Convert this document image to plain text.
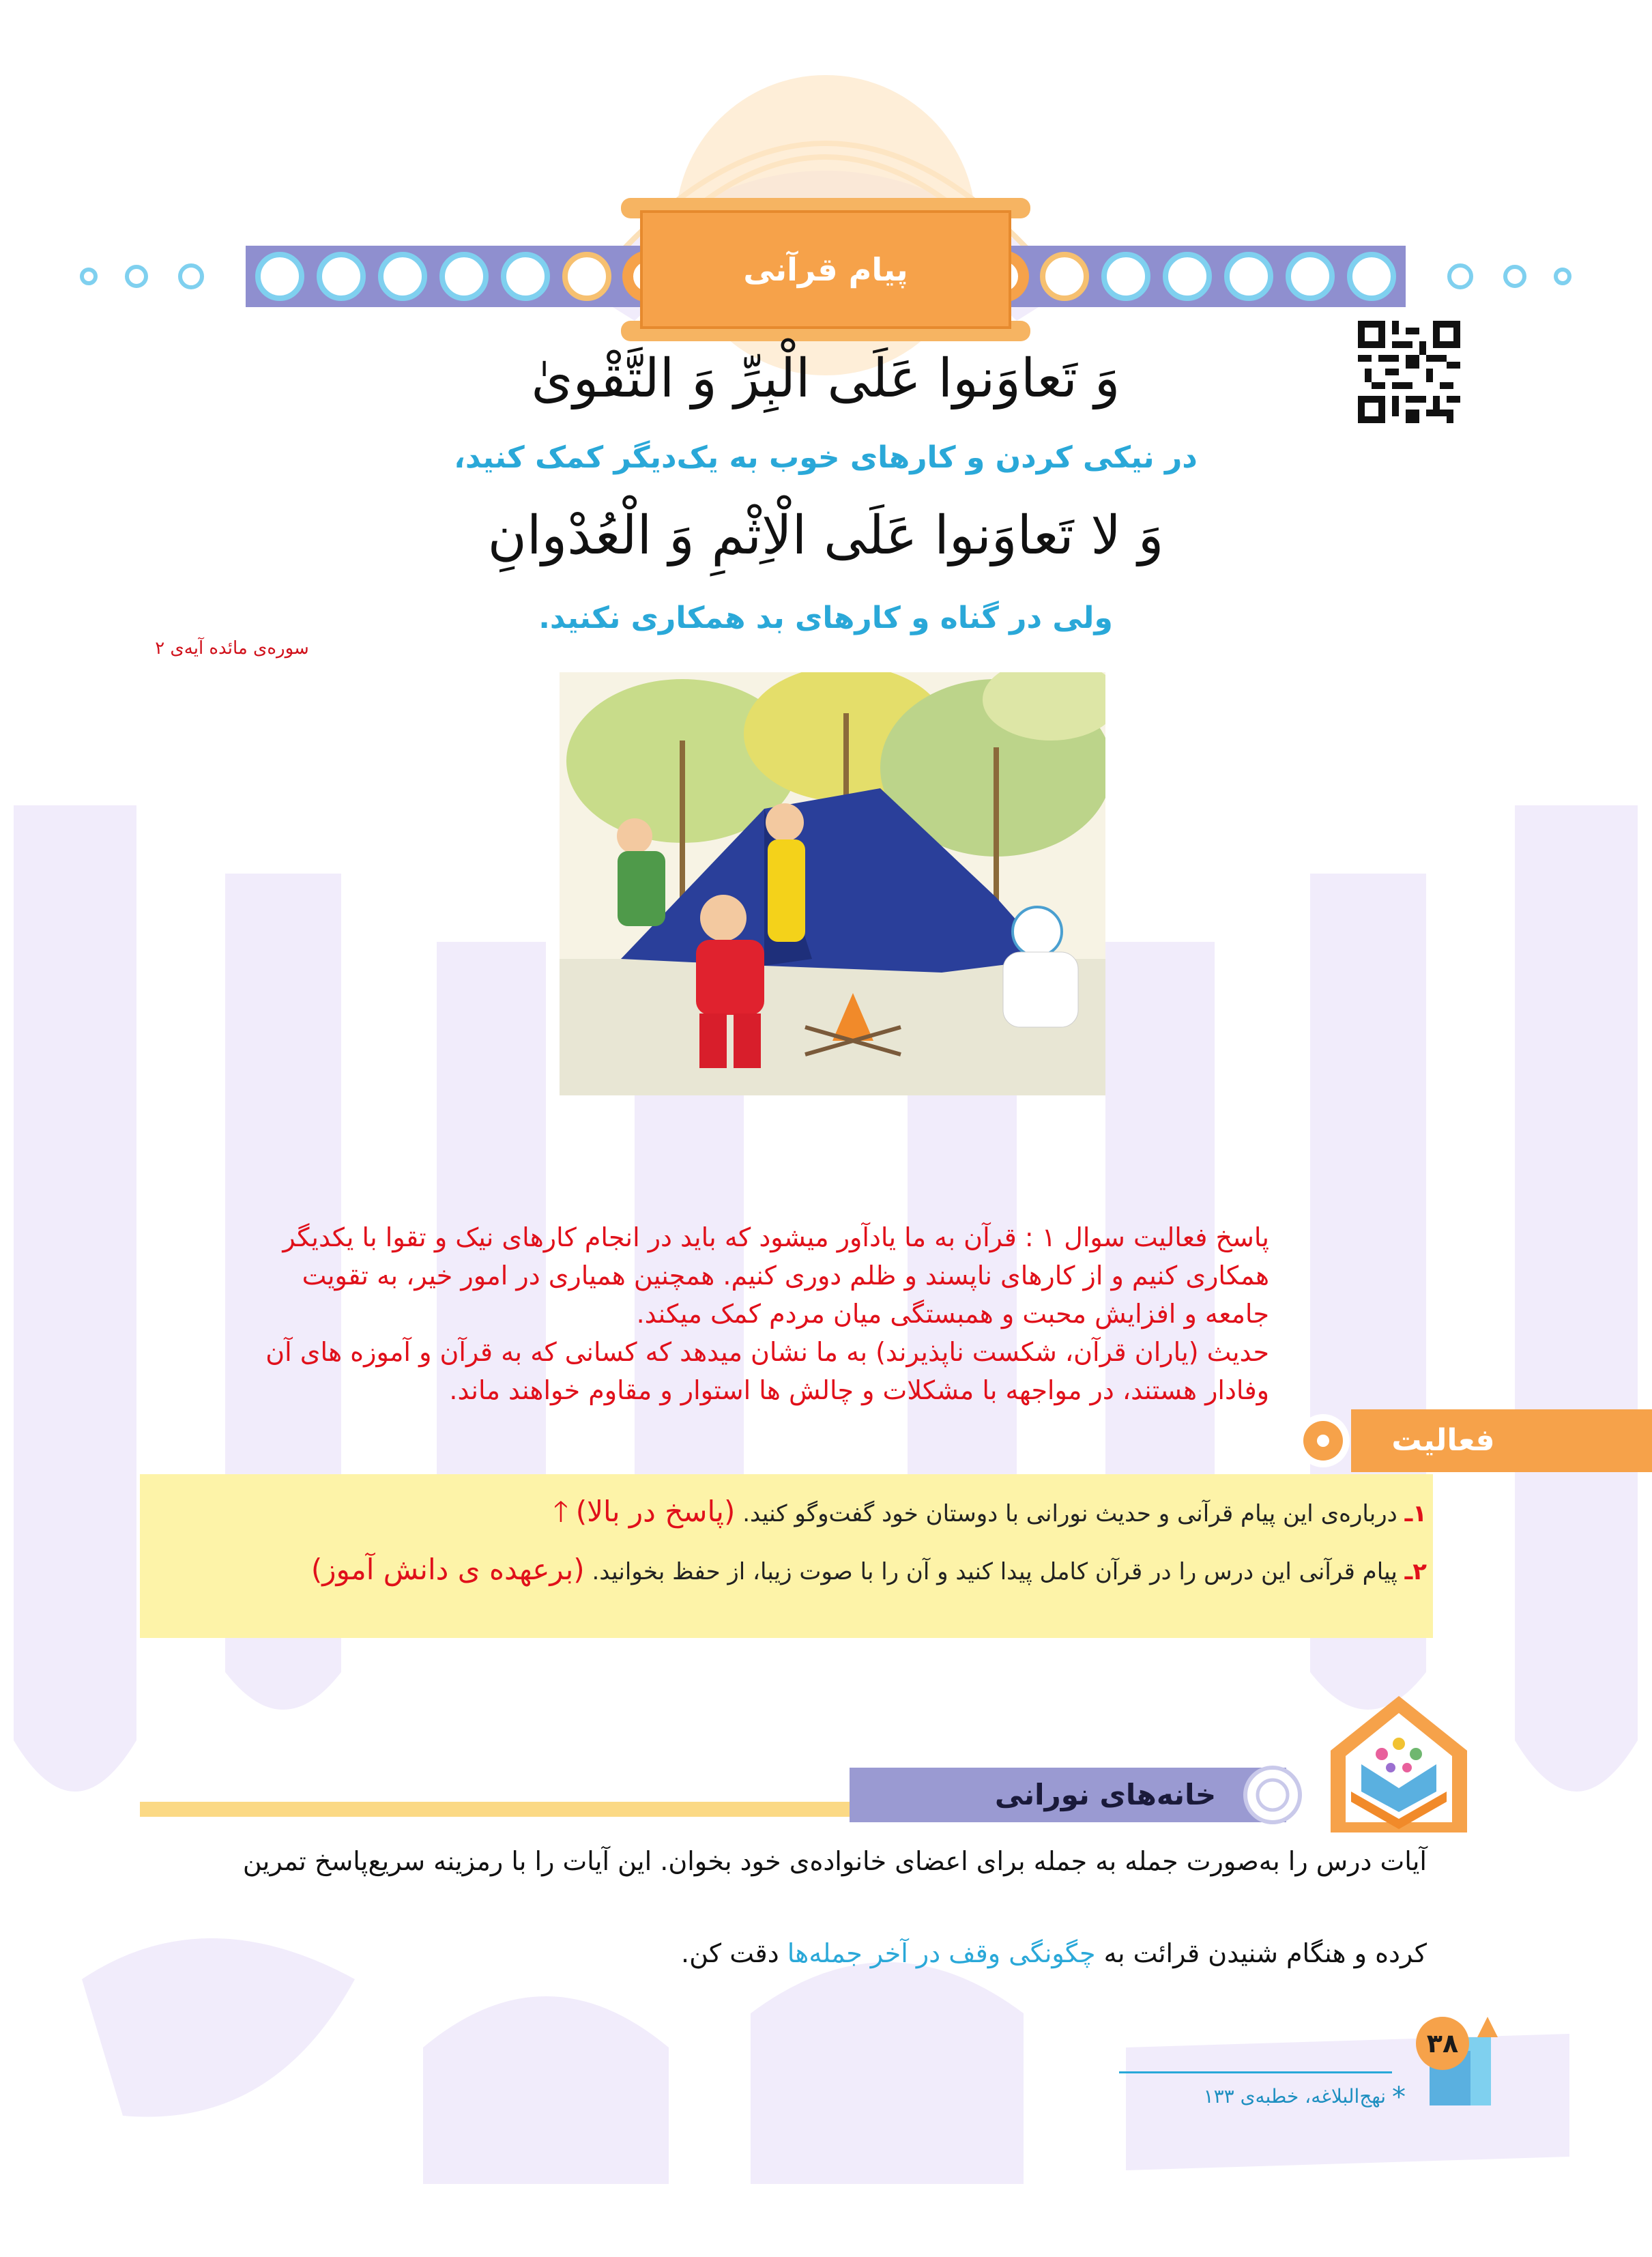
پیام قرآنی
وَ تَعاوَنوا عَلَی الْبِرِّ وَ التَّقْویٰ
در نیکی کردن و کارهای خوب به یک‌دیگر کمک کنید،
وَ لا تَعاوَنوا عَلَی الْاِثْمِ وَ الْعُدْوانِ
ولی در گناه و کارهای بد همکاری نکنید.
سوره‌ی مائده آیه‌ی ۲
پاسخ فعالیت سوال ۱ : قرآن به ما یادآور میشود که باید در انجام کارهای نیک و تقوا با یکدیگر
همکاری کنیم و از کارهای ناپسند و ظلم دوری کنیم. همچنین همیاری در امور خیر، به تقویت
جامعه و افزایش محبت و همبستگی میان مردم کمک میکند.
حدیث (یاران قرآن، شکست ناپذیرند) به ما نشان میدهد که کسانی که به قرآن و آموزه های آن
وفادار هستند، در مواجهه با مشکلات و چالش ها استوار و مقاوم خواهند ماند.
فعالیت
۱ـ درباره‌ی این پیام قرآنی و حدیث نورانی با دوستان خود گفت‌وگو کنید. (پاسخ در بالا) 🡑
۲ـ پیام قرآنی این درس را در قرآن کامل پیدا کنید و آن را با صوت زیبا، از حفظ بخوانید. (برعهده ی دانش آموز)
خانه‌های نورانی
آیات درس را به‌صورت جمله به جمله برای اعضای خانواده‌ی خود بخوان. این آیات را با رمزینه سریع‌پاسخ تمرین
کرده و هنگام شنیدن قرائت به چگونگی وقف در آخر جمله‌ها دقت کن.
۳۸
* نهج‌البلاغه، خطبه‌ی ۱۳۳
